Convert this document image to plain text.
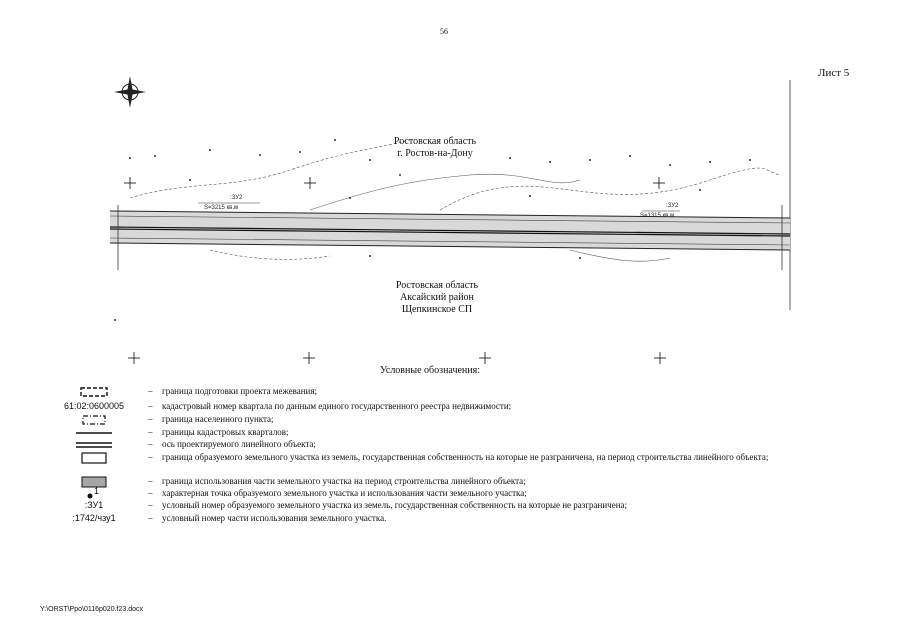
56
Лист 5
:ЗУ2
S=3215 кв.м	:ЗУ2
S=1315 кв.м
Ростовская область
г. Ростов-на-Дону
Ростовская область
Аксайский район
Щепкинское СП
Условные обозначения:
– граница подготовки проекта межевания;
61:02:0600005	– кадастровый номер квартала по данным единого государственного реестра недвижимости;
– граница населенного пункта;
– границы кадастровых кварталов;
– ось проектируемого линейного объекта;
– граница образуемого земельного участка из земель, государственная собственность на которые не разграничена, на период строительства линейного объекта;
– граница использования части земельного участка на период строительства линейного объекта;
1	– характерная точка образуемого земельного участка и использования части земельного участка;
:ЗУ1	– условный номер образуемого земельного участка из земель, государственная собственность на которые не разграничена;
:1742/чзу1	– условный номер части использования земельного участка.
Y:\ORST\Ppo\0116p020.f23.docx
